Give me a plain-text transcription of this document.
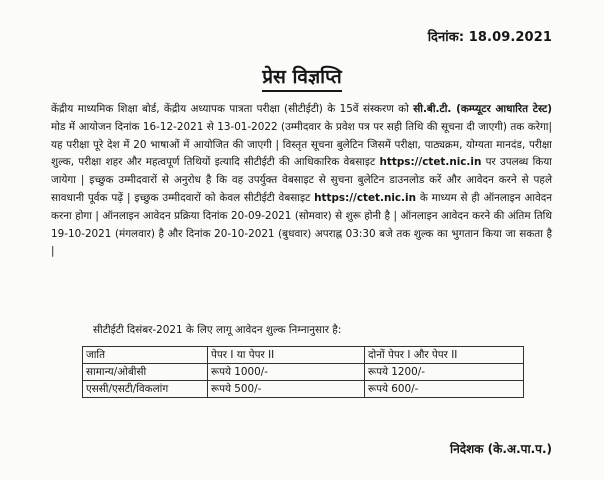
दिनांक: 18.09.2021
प्रेस विज्ञप्ति

केंद्रीय माध्यमिक शिक्षा बोर्ड, केंद्रीय अध्यापक पात्रता परीक्षा (सीटीईटी) के 15वें संस्करण को सी.बी.टी. (कम्प्यूटर आधारित टेस्ट) मोड में आयोजन दिनांक 16-12-2021 से 13-01-2022 (उम्मीदवार के प्रवेश पत्र पर सही तिथि की सूचना दी जाएगी) तक करेगा| यह परीक्षा पूरे देश में 20 भाषाओं में आयोजित की जाएगी | विस्तृत सूचना बुलेटिन जिसमें परीक्षा, पाठ्यक्रम, योग्यता मानदंड, परीक्षा शुल्क, परीक्षा शहर और महत्वपूर्ण तिथियों इत्यादि सीटीईटी की आधिकारिक वेबसाइट https://ctet.nic.in पर उपलब्ध किया जायेगा | इच्छुक उम्मीदवारों से अनुरोध है कि वह उपर्युक्त वेबसाइट से सुचना बुलेटिन डाउनलोड करें और आवेदन करने से पहले सावधानी पूर्वक पढ़ें | इच्छुक उम्मीदवारों को केवल सीटीईटी वेबसाइट https://ctet.nic.in के माध्यम से ही ऑनलाइन आवेदन करना होगा | ऑनलाइन आवेदन प्रक्रिया दिनांक 20-09-2021 (सोमवार) से शुरू होनी है | ऑनलाइन आवेदन करने की अंतिम तिथि 19-10-2021 (मंगलवार) है और दिनांक 20-10-2021 (बुधवार) अपराह्न 03:30 बजे तक शुल्क का भुगतान किया जा सकता है |

सीटीईटी दिसंबर-2021 के लिए लागू आवेदन शुल्क निम्नानुसार है:

जाति	पेपर I या पेपर II	दोनों पेपर I और पेपर II
सामान्य/ओबीसी	रूपये 1000/-	रूपये 1200/-
एससी/एसटी/विकलांग	रूपये 500/-	रूपये 600/-
निदेशक (के.अ.पा.प.)
